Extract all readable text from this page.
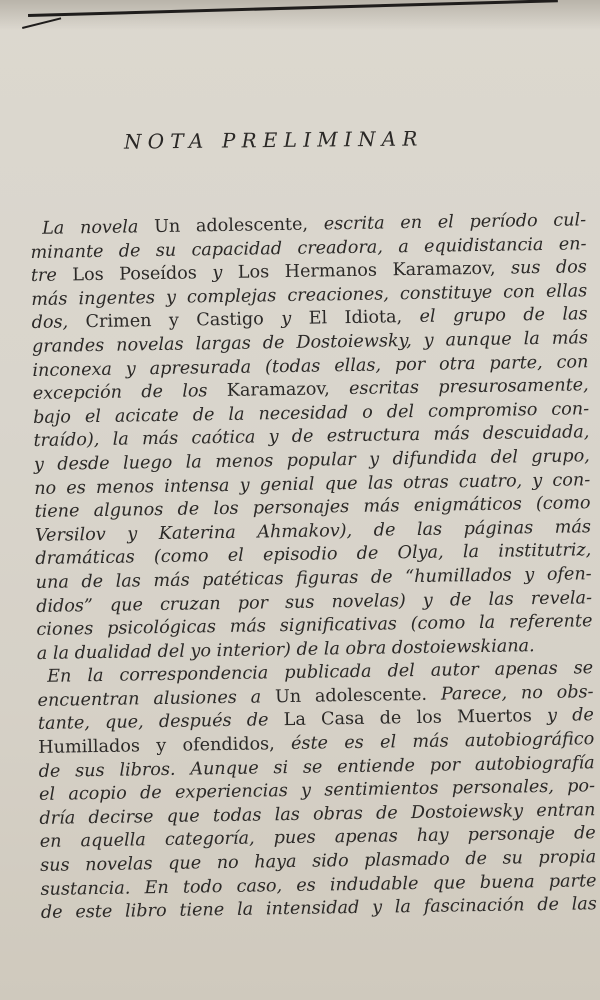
NOTA PRELIMINAR
La novela Un adolescente, escrita en el período cul-
minante de su capacidad creadora, a equidistancia en-
tre Los Poseídos y Los Hermanos Karamazov, sus dos
más ingentes y complejas creaciones, constituye con ellas
dos, Crimen y Castigo y El Idiota, el grupo de las
grandes novelas largas de Dostoiewsky, y aunque la más
inconexa y apresurada (todas ellas, por otra parte, con
excepción de los Karamazov, escritas presurosamente,
bajo el acicate de la necesidad o del compromiso con-
traído), la más caótica y de estructura más descuidada,
y desde luego la menos popular y difundida del grupo,
no es menos intensa y genial que las otras cuatro, y con-
tiene algunos de los personajes más enigmáticos (como
Versilov y Katerina Ahmakov), de las páginas más
dramáticas (como el episodio de Olya, la institutriz,
una de las más patéticas figuras de “humillados y ofen-
didos” que cruzan por sus novelas) y de las revela-
ciones psicológicas más significativas (como la referente
a la dualidad del yo interior) de la obra dostoiewskiana.
En la correspondencia publicada del autor apenas se
encuentran alusiones a Un adolescente. Parece, no obs-
tante, que, después de La Casa de los Muertos y de
Humillados y ofendidos, éste es el más autobiográfico
de sus libros. Aunque si se entiende por autobiografía
el acopio de experiencias y sentimientos personales, po-
dría decirse que todas las obras de Dostoiewsky entran
en aquella categoría, pues apenas hay personaje de
sus novelas que no haya sido plasmado de su propia
sustancia. En todo caso, es indudable que buena parte
de este libro tiene la intensidad y la fascinación de las
